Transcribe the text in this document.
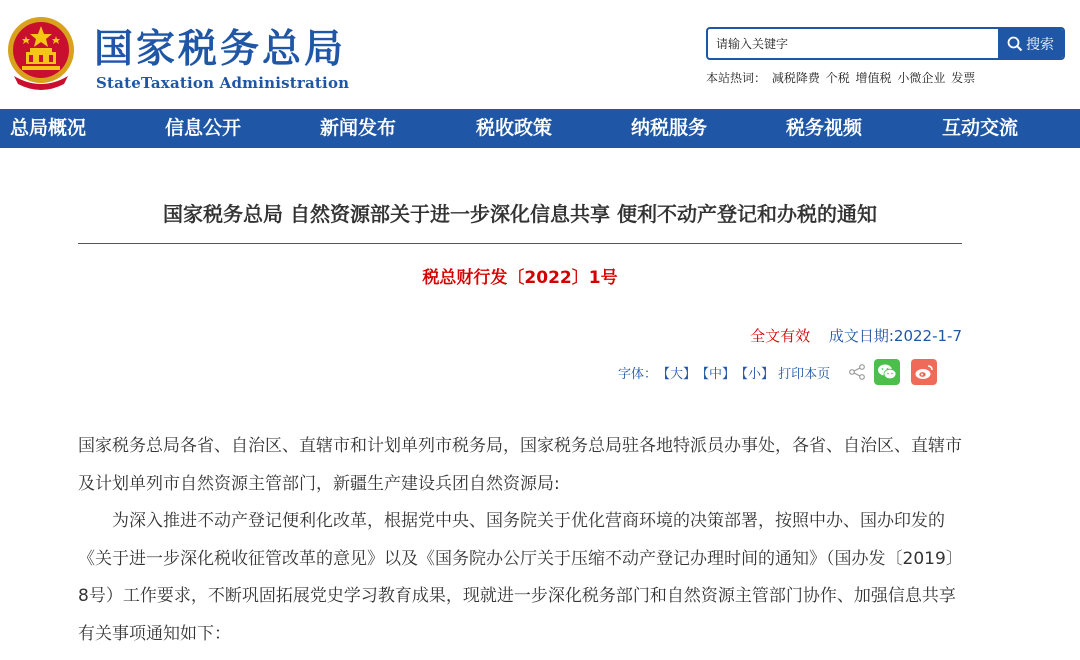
国家税务总局
StateTaxation Administration
请输入关键字
搜索
本站热词： 减税降费 个税 增值税 小微企业 发票
总局概况	信息公开	新闻发布	税收政策	纳税服务	税务视频	互动交流
国家税务总局 自然资源部关于进一步深化信息共享 便利不动产登记和办税的通知
税总财行发〔2022〕1号
全文有效 成文日期:2022-1-7
字体： 【大】 【中】 【小】 打印本页

国家税务总局各省、自治区、直辖市和计划单列市税务局，国家税务总局驻各地特派员办事处，各省、自治区、直辖市及计划单列市自然资源主管部门，新疆生产建设兵团自然资源局:

为深入推进不动产登记便利化改革，根据党中央、国务院关于优化营商环境的决策部署，按照中办、国办印发的《关于进一步深化税收征管改革的意见》以及《国务院办公厅关于压缩不动产登记办理时间的通知》（国办发〔2019〕8号）工作要求，不断巩固拓展党史学习教育成果，现就进一步深化税务部门和自然资源主管部门协作、加强信息共享有关事项通知如下：
